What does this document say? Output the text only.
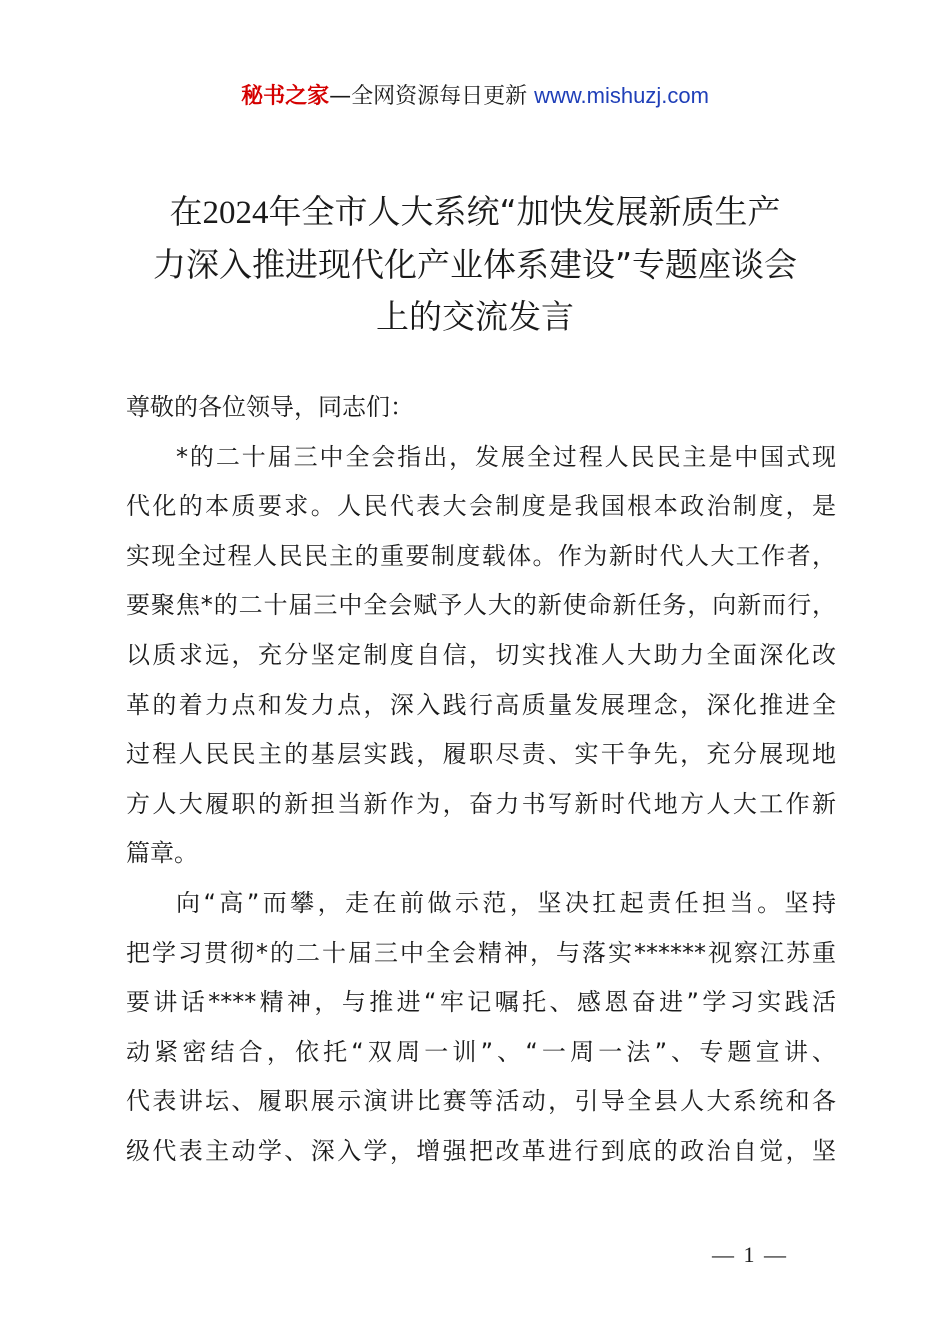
秘书之家—全网资源每日更新 www.mishuzj.com
在2024年全市人大系统“加快发展新质生产
力深入推进现代化产业体系建设”专题座谈会
上的交流发言
尊敬的各位领导，同志们：
*的二十届三中全会指出，发展全过程人民民主是中国式现
代化的本质要求。人民代表大会制度是我国根本政治制度，是
实现全过程人民民主的重要制度载体。作为新时代人大工作者，
要聚焦*的二十届三中全会赋予人大的新使命新任务，向新而行，
以质求远，充分坚定制度自信，切实找准人大助力全面深化改
革的着力点和发力点，深入践行高质量发展理念，深化推进全
过程人民民主的基层实践，履职尽责、实干争先，充分展现地
方人大履职的新担当新作为，奋力书写新时代地方人大工作新
篇章。
向“高”而攀，走在前做示范，坚决扛起责任担当。坚持
把学习贯彻*的二十届三中全会精神，与落实******视察江苏重
要讲话****精神，与推进“牢记嘱托、感恩奋进”学习实践活
动紧密结合，依托“双周一训”、“一周一法”、专题宣讲、
代表讲坛、履职展示演讲比赛等活动，引导全县人大系统和各
级代表主动学、深入学，增强把改革进行到底的政治自觉，坚
— 1 —
